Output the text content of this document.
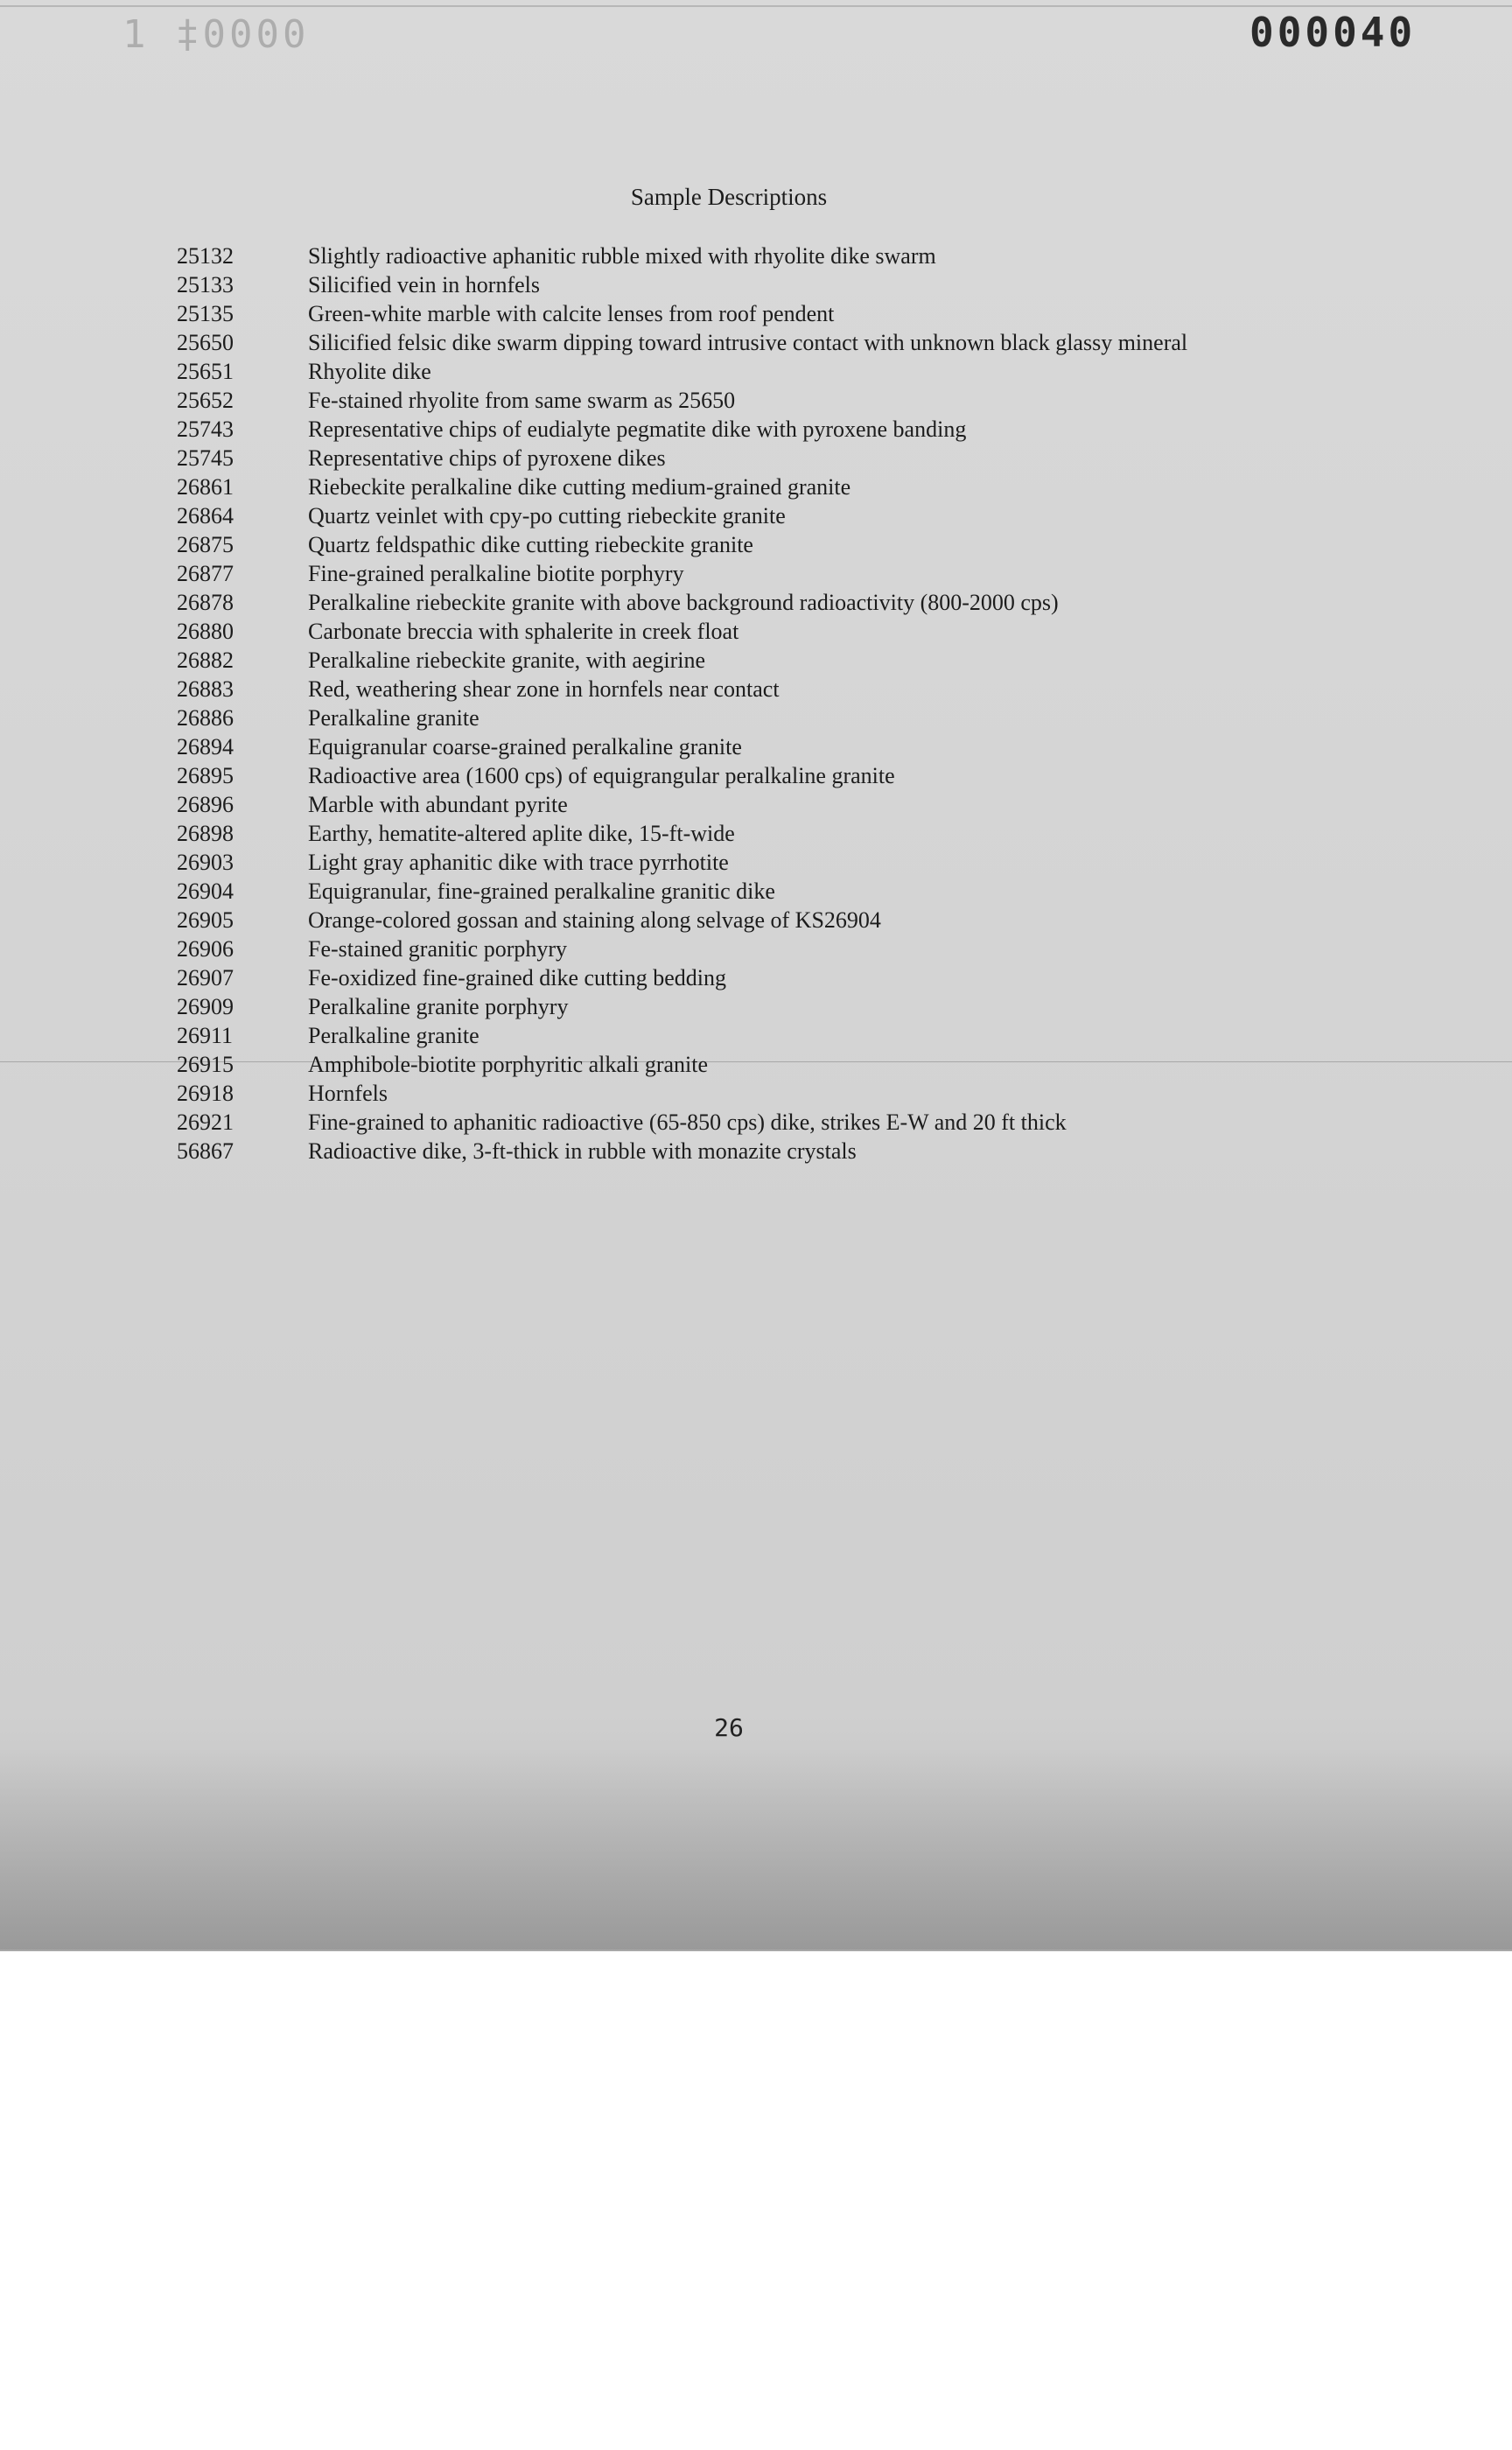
1 ‡0000	000040
Sample Descriptions
25132	Slightly radioactive aphanitic rubble mixed with rhyolite dike swarm
25133	Silicified vein in hornfels
25135	Green-white marble with calcite lenses from roof pendent
25650	Silicified felsic dike swarm dipping toward intrusive contact with unknown black glassy mineral
25651	Rhyolite dike
25652	Fe-stained rhyolite from same swarm as 25650
25743	Representative chips of eudialyte pegmatite dike with pyroxene banding
25745	Representative chips of pyroxene dikes
26861	Riebeckite peralkaline dike cutting medium-grained granite
26864	Quartz veinlet with cpy-po cutting riebeckite granite
26875	Quartz feldspathic dike cutting riebeckite granite
26877	Fine-grained peralkaline biotite porphyry
26878	Peralkaline riebeckite granite with above background radioactivity (800-2000 cps)
26880	Carbonate breccia with sphalerite in creek float
26882	Peralkaline riebeckite granite, with aegirine
26883	Red, weathering shear zone in hornfels near contact
26886	Peralkaline granite
26894	Equigranular coarse-grained peralkaline granite
26895	Radioactive area (1600 cps) of equigrangular peralkaline granite
26896	Marble with abundant pyrite
26898	Earthy, hematite-altered aplite dike, 15-ft-wide
26903	Light gray aphanitic dike with trace pyrrhotite
26904	Equigranular, fine-grained peralkaline granitic dike
26905	Orange-colored gossan and staining along selvage of KS26904
26906	Fe-stained granitic porphyry
26907	Fe-oxidized fine-grained dike cutting bedding
26909	Peralkaline granite porphyry
26911	Peralkaline granite
26915	Amphibole-biotite porphyritic alkali granite
26918	Hornfels
26921	Fine-grained to aphanitic radioactive (65-850 cps) dike, strikes E-W and 20 ft thick
56867	Radioactive dike, 3-ft-thick in rubble with monazite crystals
26
